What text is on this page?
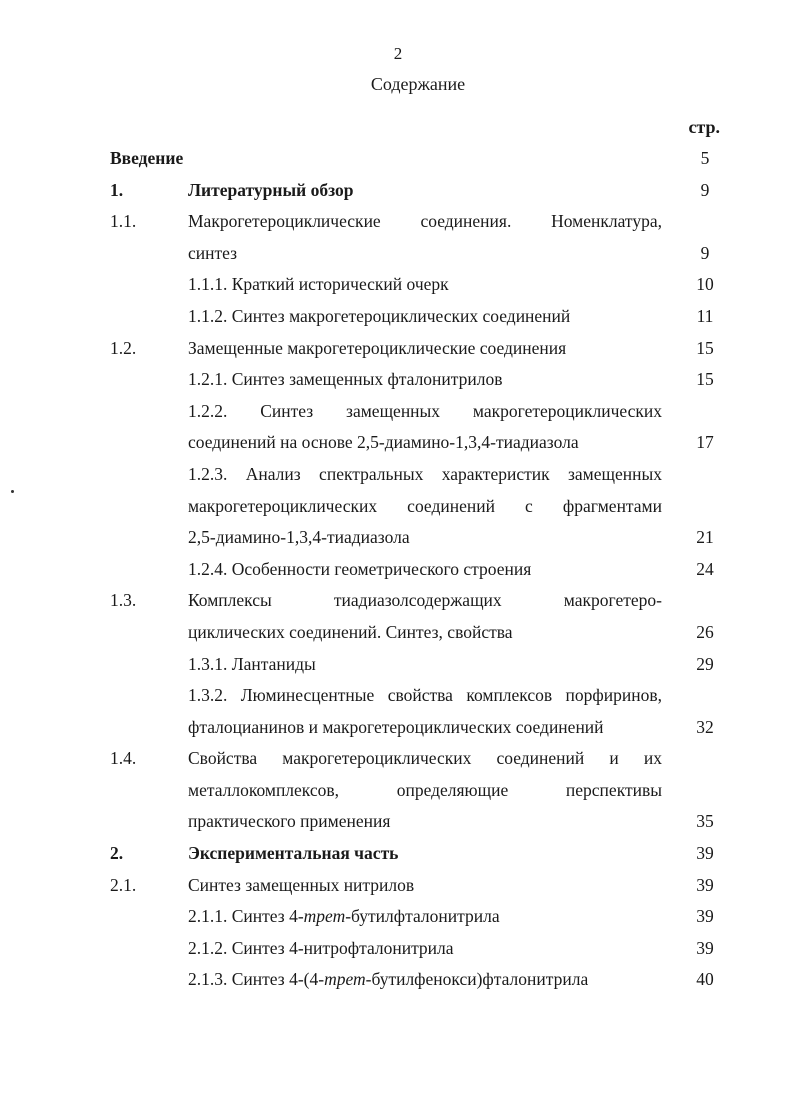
2
Содержание
стр.
Введение	5
1.	Литературный обзор	9
1.1.	Макрогетероциклические соединения. Номенклатура,
синтез	9
1.1.1. Краткий исторический очерк	10
1.1.2. Синтез макрогетероциклических соединений	11
1.2.	Замещенные макрогетероциклические соединения	15
1.2.1. Синтез замещенных фталонитрилов	15
1.2.2. Синтез замещенных макрогетероциклических
соединений на основе 2,5-диамино-1,3,4-тиадиазола	17
1.2.3. Анализ спектральных характеристик замещенных
макрогетероциклических соединений с фрагментами
2,5-диамино-1,3,4-тиадиазола	21
1.2.4. Особенности геометрического строения	24
1.3.	Комплексы тиадиазолсодержащих макрогетеро-
циклических соединений. Синтез, свойства	26
1.3.1. Лантаниды	29
1.3.2. Люминесцентные свойства комплексов порфиринов,
фталоцианинов и макрогетероциклических соединений	32
1.4.	Свойства макрогетероциклических соединений и их
металлокомплексов, определяющие перспективы
практического применения	35
2.	Экспериментальная часть	39
2.1.	Синтез замещенных нитрилов	39
2.1.1. Синтез 4-трет-бутилфталонитрила	39
2.1.2. Синтез 4-нитрофталонитрила	39
2.1.3. Синтез 4-(4-трет-бутилфенокси)фталонитрила	40
